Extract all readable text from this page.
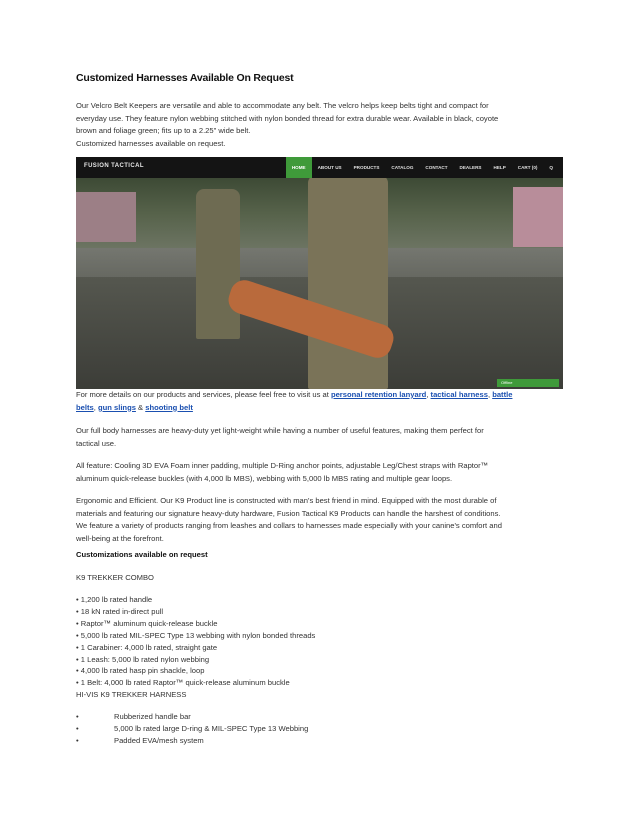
Customized Harnesses Available On Request
Our Velcro Belt Keepers are versatile and able to accommodate any belt. The velcro helps keep belts tight and compact for
everyday use. They feature nylon webbing stitched with nylon bonded thread for extra durable wear. Available in black, coyote
brown and foliage green; fits up to a 2.25" wide belt.
Customized harnesses available on request.
FUSION TACTICAL	HOME	ABOUT US	PRODUCTS	CATALOG	CONTACT	DEALERS	HELP	CART (0)	Q
Offline
For more details on our products and services, please feel free to visit us at personal retention lanyard, tactical harness, battle
belts, gun slings & shooting belt
Our full body harnesses are heavy-duty yet light-weight while having a number of useful features, making them perfect for
tactical use.
All feature: Cooling 3D EVA Foam inner padding, multiple D-Ring anchor points, adjustable Leg/Chest straps with Raptor™
aluminum quick-release buckles (with 4,000 lb MBS), webbing with 5,000 lb MBS rating and multiple gear loops.
Ergonomic and Efficient. Our K9 Product line is constructed with man's best friend in mind. Equipped with the most durable of
materials and featuring our signature heavy-duty hardware, Fusion Tactical K9 Products can handle the harshest of conditions.
We feature a variety of products ranging from leashes and collars to harnesses made especially with your canine's comfort and
well-being at the forefront.
Customizations available on request
K9 TREKKER COMBO
• 1,200 lb rated handle
• 18 kN rated in-direct pull
• Raptor™ aluminum quick-release buckle
• 5,000 lb rated MIL-SPEC Type 13 webbing with nylon bonded threads
• 1 Carabiner: 4,000 lb rated, straight gate
• 1 Leash: 5,000 lb rated nylon webbing
• 4,000 lb rated hasp pin shackle, loop
• 1 Belt: 4,000 lb rated Raptor™ quick-release aluminum buckle
HI-VIS K9 TREKKER HARNESS
•	Rubberized handle bar
•	5,000 lb rated large D-ring & MIL-SPEC Type 13 Webbing
•	Padded EVA/mesh system
